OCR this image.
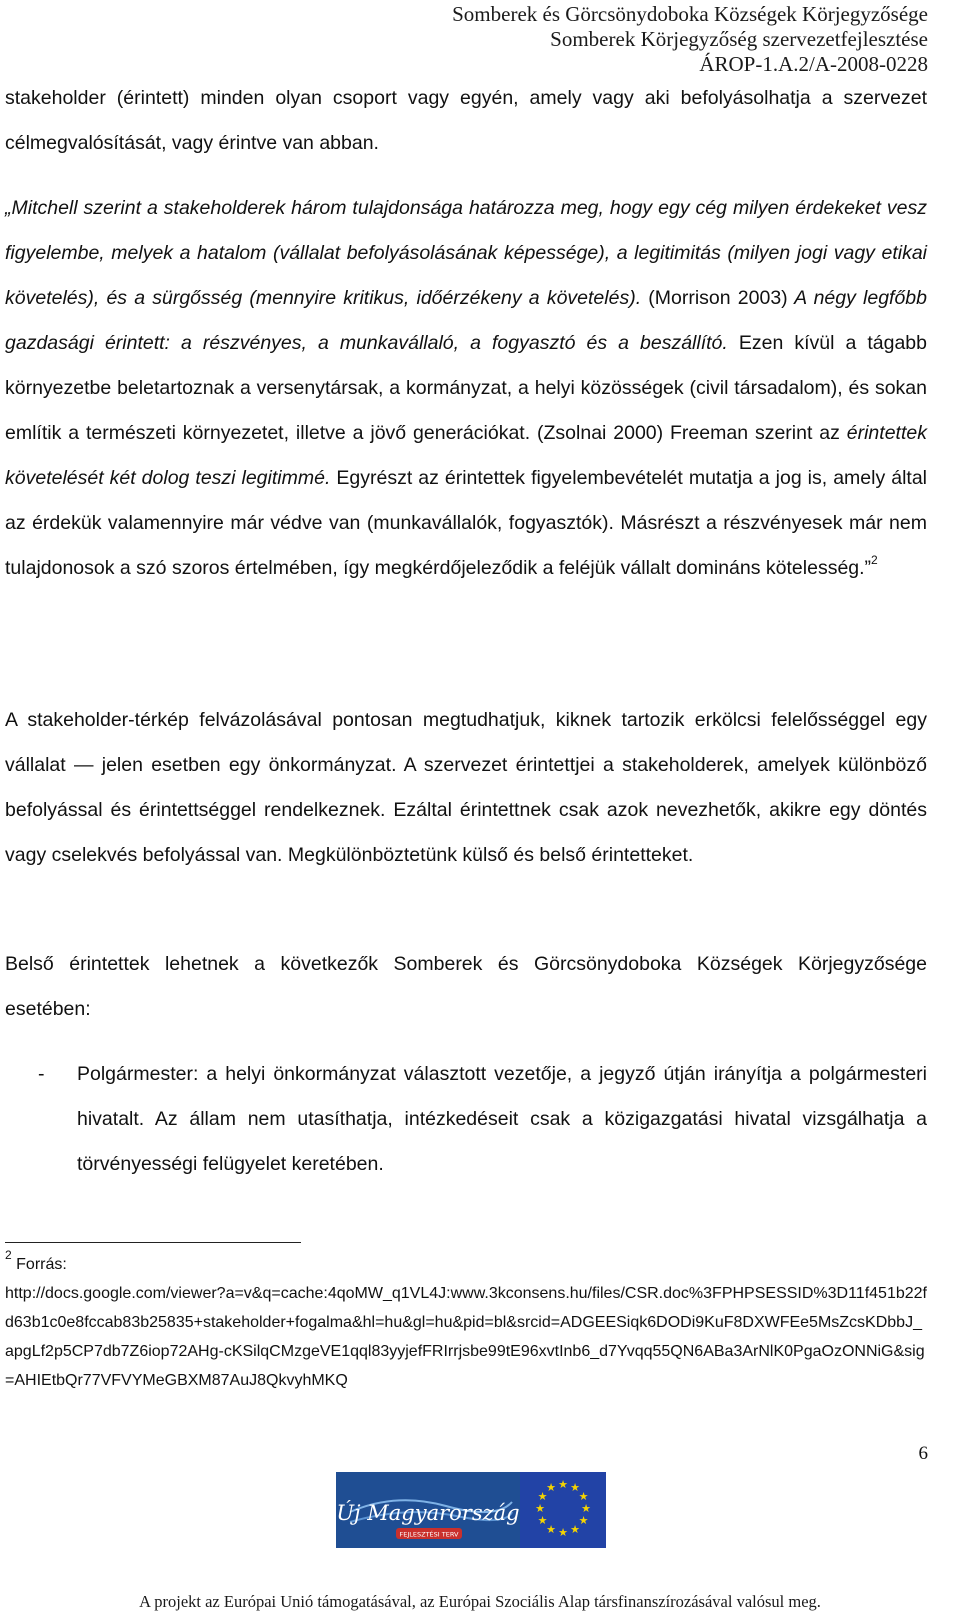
Somberek és Görcsönydoboka Községek Körjegyzősége
Somberek Körjegyzőség szervezetfejlesztése
ÁROP-1.A.2/A-2008-0228
stakeholder (érintett) minden olyan csoport vagy egyén, amely vagy aki befolyásolhatja a szervezet célmegvalósítását, vagy érintve van abban.
„Mitchell szerint a stakeholderek három tulajdonsága határozza meg, hogy egy cég milyen érdekeket vesz figyelembe, melyek a hatalom (vállalat befolyásolásának képessége), a legitimitás (milyen jogi vagy etikai követelés), és a sürgősség (mennyire kritikus, időérzékeny a követelés). (Morrison 2003) A négy legfőbb gazdasági érintett: a részvényes, a munkavállaló, a fogyasztó és a beszállító. Ezen kívül a tágabb környezetbe beletartoznak a versenytársak, a kormányzat, a helyi közösségek (civil társadalom), és sokan említik a természeti környezetet, illetve a jövő generációkat. (Zsolnai 2000) Freeman szerint az érintettek követelését két dolog teszi legitimmé. Egyrészt az érintettek figyelembevételét mutatja a jog is, amely által az érdekük valamennyire már védve van (munkavállalók, fogyasztók). Másrészt a részvényesek már nem tulajdonosok a szó szoros értelmében, így megkérdőjeleződik a feléjük vállalt domináns kötelesség.”$^2$
A stakeholder-térkép felvázolásával pontosan megtudhatjuk, kiknek tartozik erkölcsi felelősséggel egy vállalat — jelen esetben egy önkormányzat. A szervezet érintettjei a stakeholderek, amelyek különböző befolyással és érintettséggel rendelkeznek. Ezáltal érintettnek csak azok nevezhetők, akikre egy döntés vagy cselekvés befolyással van. Megkülönböztetünk külső és belső érintetteket.
Belső érintettek lehetnek a következők Somberek és Görcsönydoboka Községek Körjegyzősége esetében:
-	Polgármester: a helyi önkormányzat választott vezetője, a jegyző útján irányítja a polgármesteri hivatalt. Az állam nem utasíthatja, intézkedéseit csak a közigazgatási hivatal vizsgálhatja a törvényességi felügyelet keretében.
$^2$ Forrás:
http://docs.google.com/viewer?a=v&q=cache:4qoMW_q1VL4J:www.3kconsens.hu/files/CSR.doc%3FPHPSESSID%3D11f451b22fd63b1c0e8fccab83b25835+stakeholder+fogalma&hl=hu&gl=hu&pid=bl&srcid=ADGEESiqk6DODi9KuF8DXWFEe5MsZcsKDbbJ_apgLf2p5CP7db7Z6iop72AHg-cKSilqCMzgeVE1qql83yyjefFRIrrjsbe99tE96xvtInb6_d7Yvqq55QN6ABa3ArNlK0PgaOzONNiG&sig=AHIEtbQr77VFVYMeGBXM87AuJ8QkvyhMKQ
6
Új Magyarország
FEJLESZTÉSI TERV
★ ★
★
★
★
★
★
★
★
★
★
★
A projekt az Európai Unió támogatásával, az Európai Szociális Alap társfinanszírozásával valósul meg.
